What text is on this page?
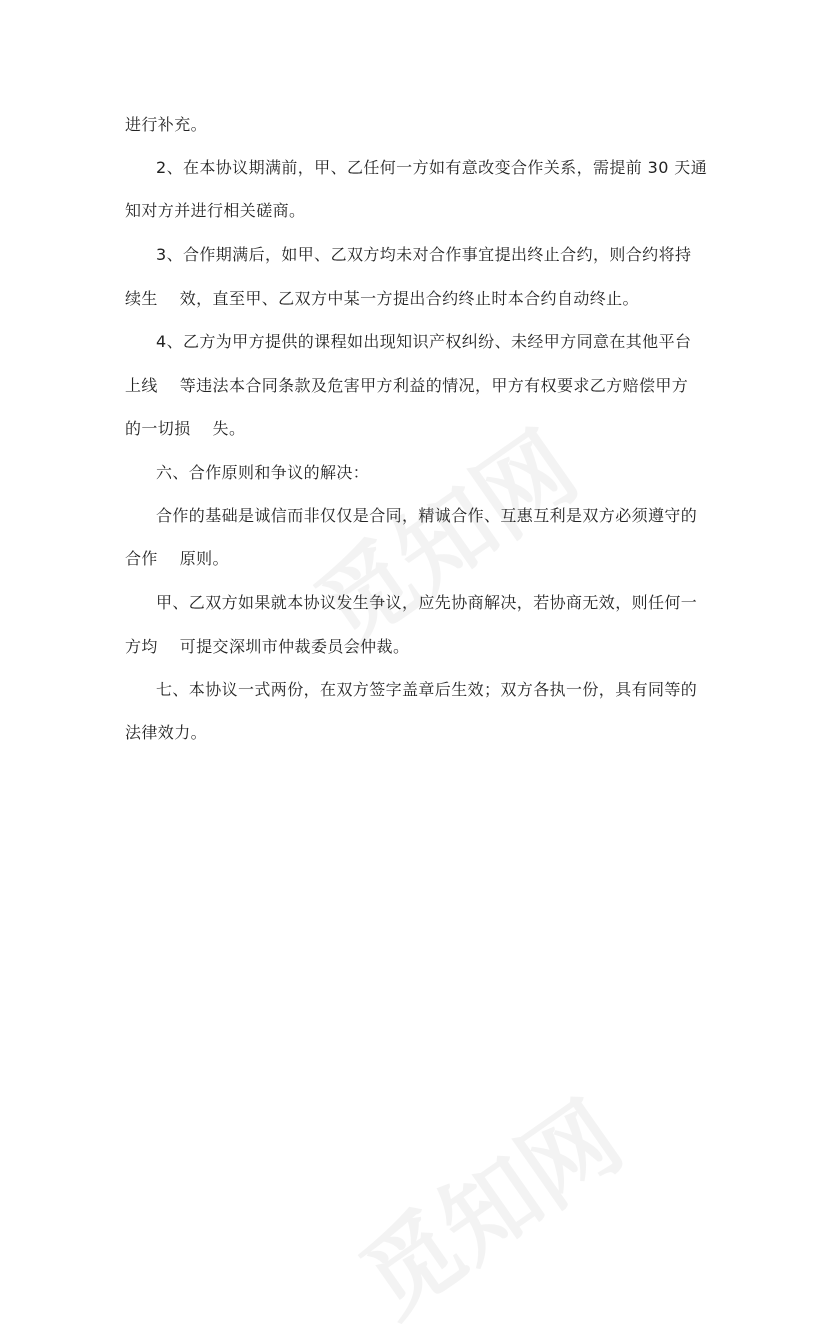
进行补充。
2、在本协议期满前，甲、乙任何一方如有意改变合作关系，需提前 30 天通
知对方并进行相关磋商。
3、合作期满后，如甲、乙双方均未对合作事宜提出终止合约，则合约将持
续生    效，直至甲、乙双方中某一方提出合约终止时本合约自动终止。
4、乙方为甲方提供的课程如出现知识产权纠纷、未经甲方同意在其他平台
上线    等违法本合同条款及危害甲方利益的情况，甲方有权要求乙方赔偿甲方
的一切损    失。
六、合作原则和争议的解决：
合作的基础是诚信而非仅仅是合同，精诚合作、互惠互利是双方必须遵守的
合作    原则。
甲、乙双方如果就本协议发生争议，应先协商解决，若协商无效，则任何一
方均    可提交深圳市仲裁委员会仲裁。
七、本协议一式两份，在双方签字盖章后生效；双方各执一份，具有同等的
法律效力。
